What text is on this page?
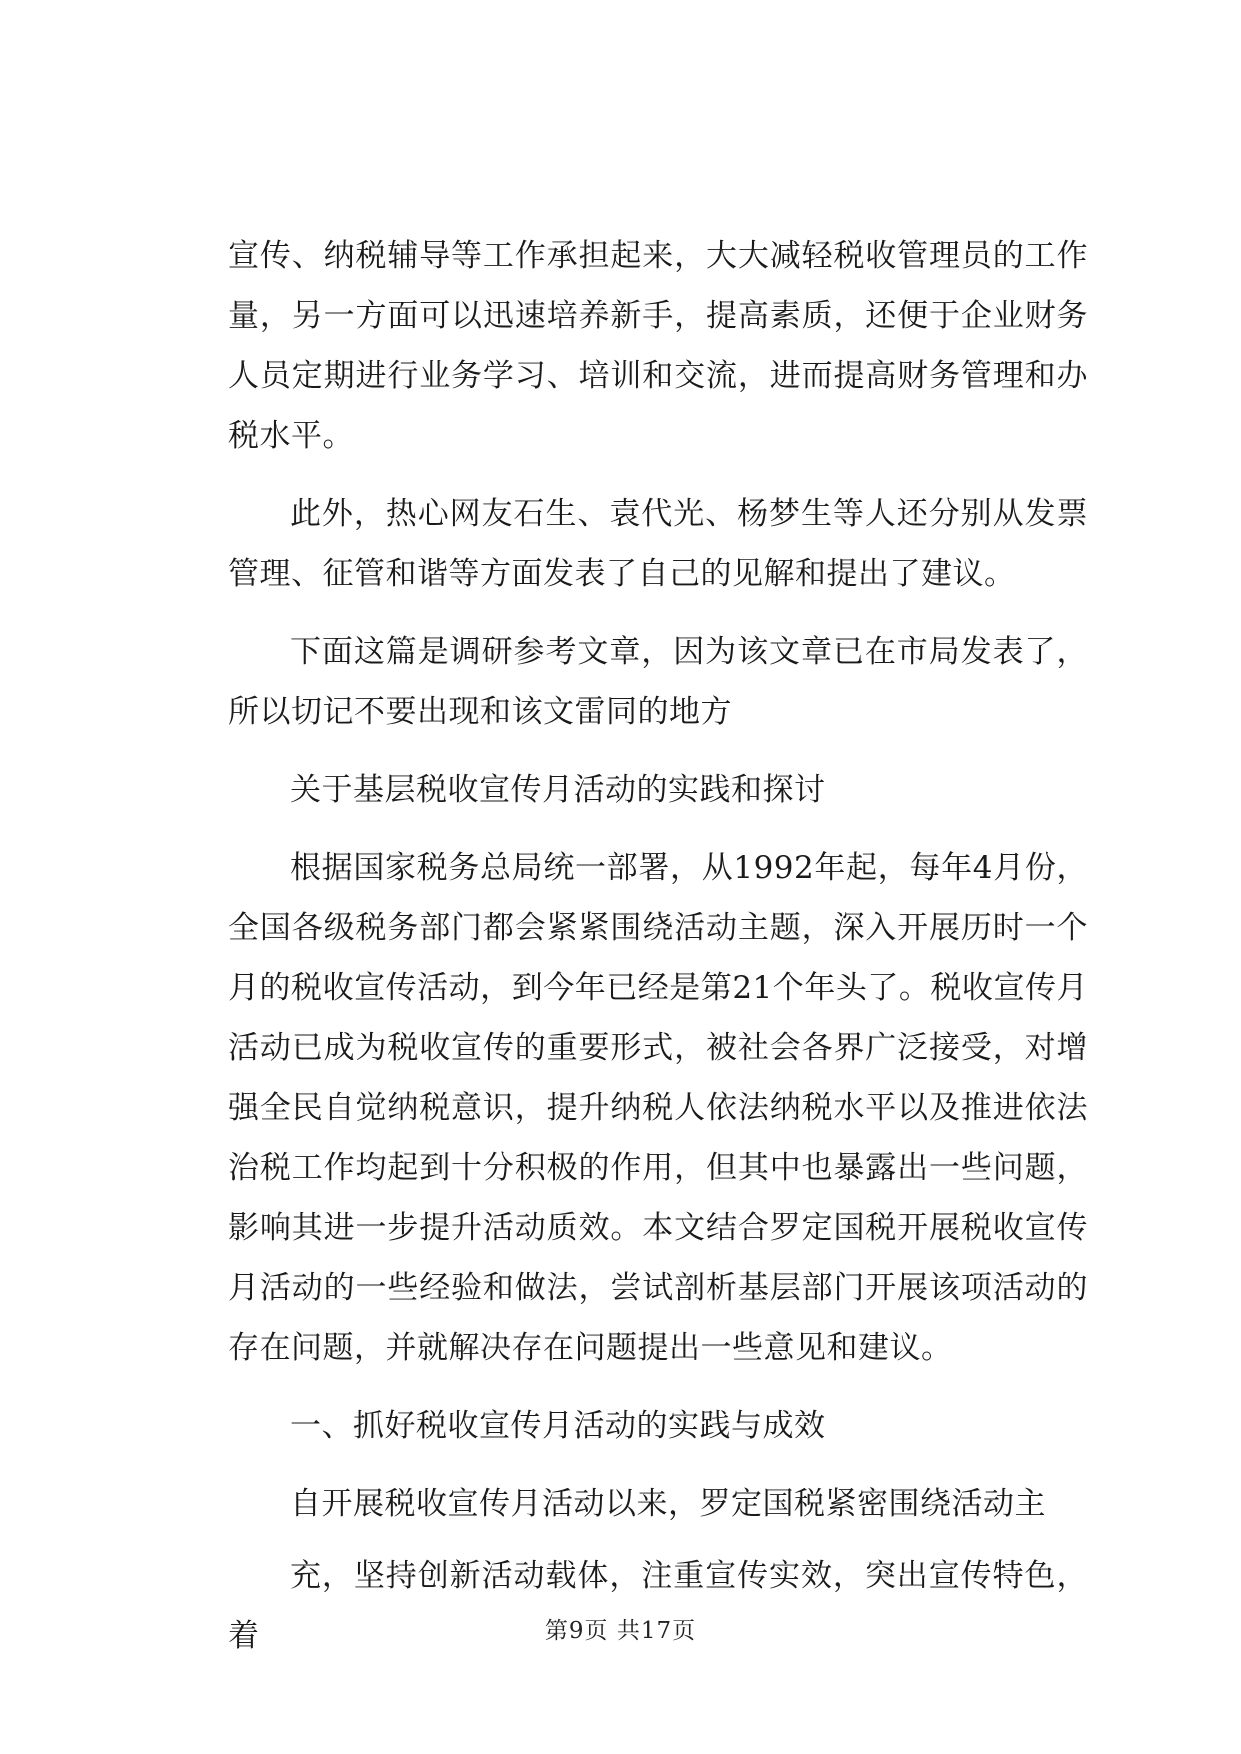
宣传、纳税辅导等工作承担起来，大大减轻税收管理员的工作量，另一方面可以迅速培养新手，提高素质，还便于企业财务人员定期进行业务学习、培训和交流，进而提高财务管理和办税水平。

此外，热心网友石生、袁代光、杨梦生等人还分别从发票管理、征管和谐等方面发表了自己的见解和提出了建议。

下面这篇是调研参考文章，因为该文章已在市局发表了，所以切记不要出现和该文雷同的地方

关于基层税收宣传月活动的实践和探讨

根据国家税务总局统一部署，从1992年起，每年4月份，全国各级税务部门都会紧紧围绕活动主题，深入开展历时一个月的税收宣传活动，到今年已经是第21个年头了。税收宣传月活动已成为税收宣传的重要形式，被社会各界广泛接受，对增强全民自觉纳税意识，提升纳税人依法纳税水平以及推进依法治税工作均起到十分积极的作用，但其中也暴露出一些问题，影响其进一步提升活动质效。本文结合罗定国税开展税收宣传月活动的一些经验和做法，尝试剖析基层部门开展该项活动的存在问题，并就解决存在问题提出一些意见和建议。

一、抓好税收宣传月活动的实践与成效

自开展税收宣传月活动以来，罗定国税紧密围绕活动主

充，坚持创新活动载体，注重宣传实效，突出宣传特色，着	第9页 共17页
